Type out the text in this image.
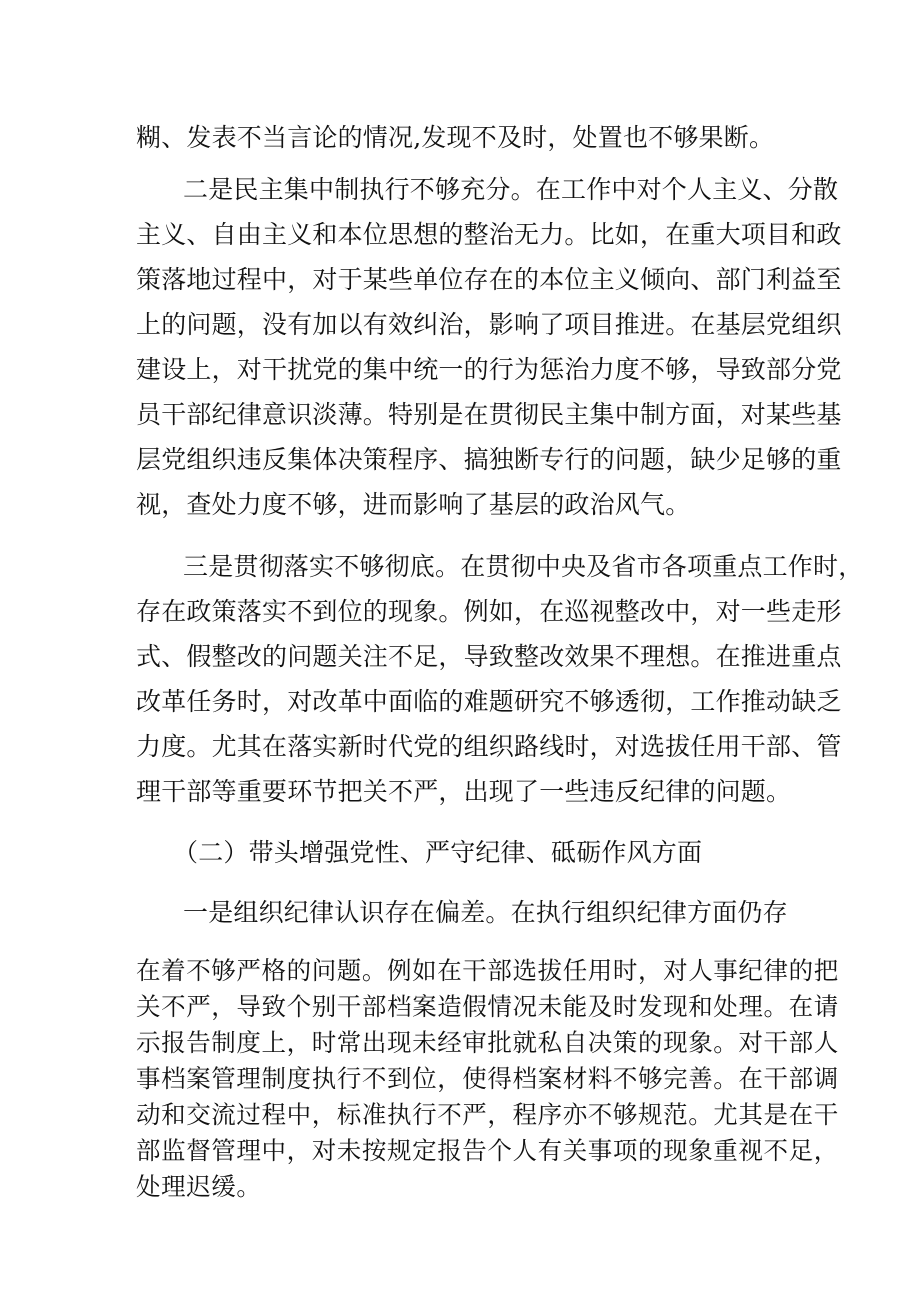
糊、发表不当言论的情况,发现不及时，处置也不够果断。
二是民主集中制执行不够充分。在工作中对个人主义、分散
主义、自由主义和本位思想的整治无力。比如，在重大项目和政
策落地过程中，对于某些单位存在的本位主义倾向、部门利益至
上的问题，没有加以有效纠治，影响了项目推进。在基层党组织
建设上，对干扰党的集中统一的行为惩治力度不够，导致部分党
员干部纪律意识淡薄。特别是在贯彻民主集中制方面，对某些基
层党组织违反集体决策程序、搞独断专行的问题，缺少足够的重
视，查处力度不够，进而影响了基层的政治风气。
三是贯彻落实不够彻底。在贯彻中央及省市各项重点工作时，
存在政策落实不到位的现象。例如，在巡视整改中，对一些走形
式、假整改的问题关注不足，导致整改效果不理想。在推进重点
改革任务时，对改革中面临的难题研究不够透彻，工作推动缺乏
力度。尤其在落实新时代党的组织路线时，对选拔任用干部、管
理干部等重要环节把关不严，出现了一些违反纪律的问题。
（二）带头增强党性、严守纪律、砥砺作风方面
一是组织纪律认识存在偏差。在执行组织纪律方面仍存
在着不够严格的问题。例如在干部选拔任用时，对人事纪律的把
关不严，导致个别干部档案造假情况未能及时发现和处理。在请
示报告制度上，时常出现未经审批就私自决策的现象。对干部人
事档案管理制度执行不到位，使得档案材料不够完善。在干部调
动和交流过程中，标准执行不严，程序亦不够规范。尤其是在干
部监督管理中，对未按规定报告个人有关事项的现象重视不足，
处理迟缓。
